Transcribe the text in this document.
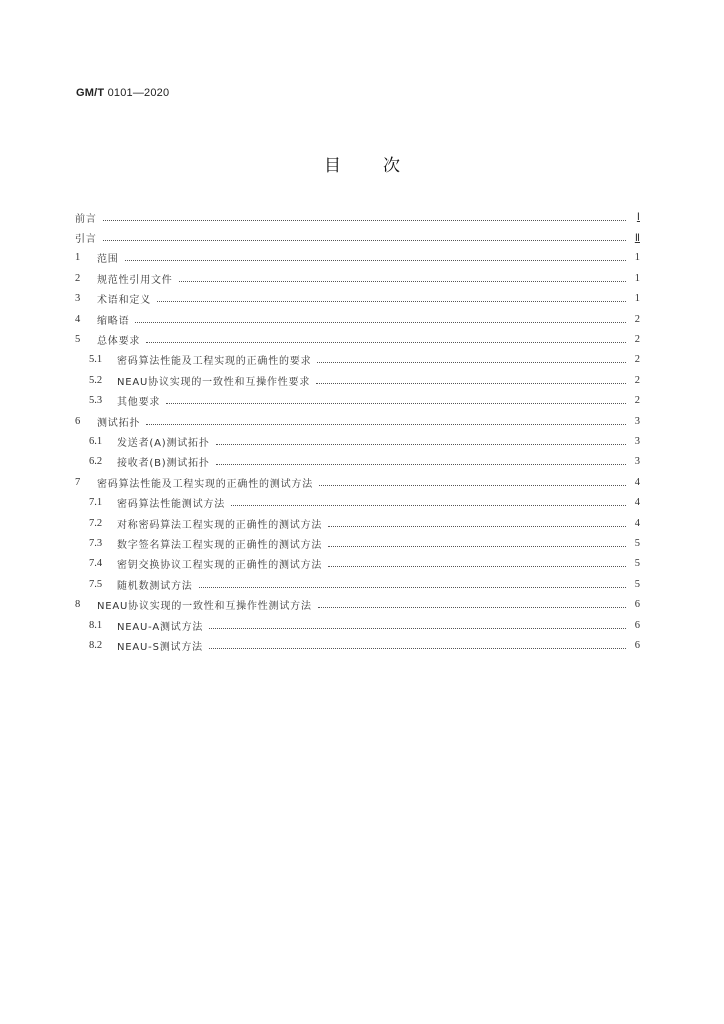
GM/T 0101—2020
目 次
前言	Ⅰ
引言	Ⅱ
1	范围	1
2	规范性引用文件	1
3	术语和定义	1
4	缩略语	2
5	总体要求	2
5.1	密码算法性能及工程实现的正确性的要求	2
5.2	NEAU协议实现的一致性和互操作性要求	2
5.3	其他要求	2
6	测试拓扑	3
6.1	发送者(A)测试拓扑	3
6.2	接收者(B)测试拓扑	3
7	密码算法性能及工程实现的正确性的测试方法	4
7.1	密码算法性能测试方法	4
7.2	对称密码算法工程实现的正确性的测试方法	4
7.3	数字签名算法工程实现的正确性的测试方法	5
7.4	密钥交换协议工程实现的正确性的测试方法	5
7.5	随机数测试方法	5
8	NEAU协议实现的一致性和互操作性测试方法	6
8.1	NEAU-A测试方法	6
8.2	NEAU-S测试方法	6
